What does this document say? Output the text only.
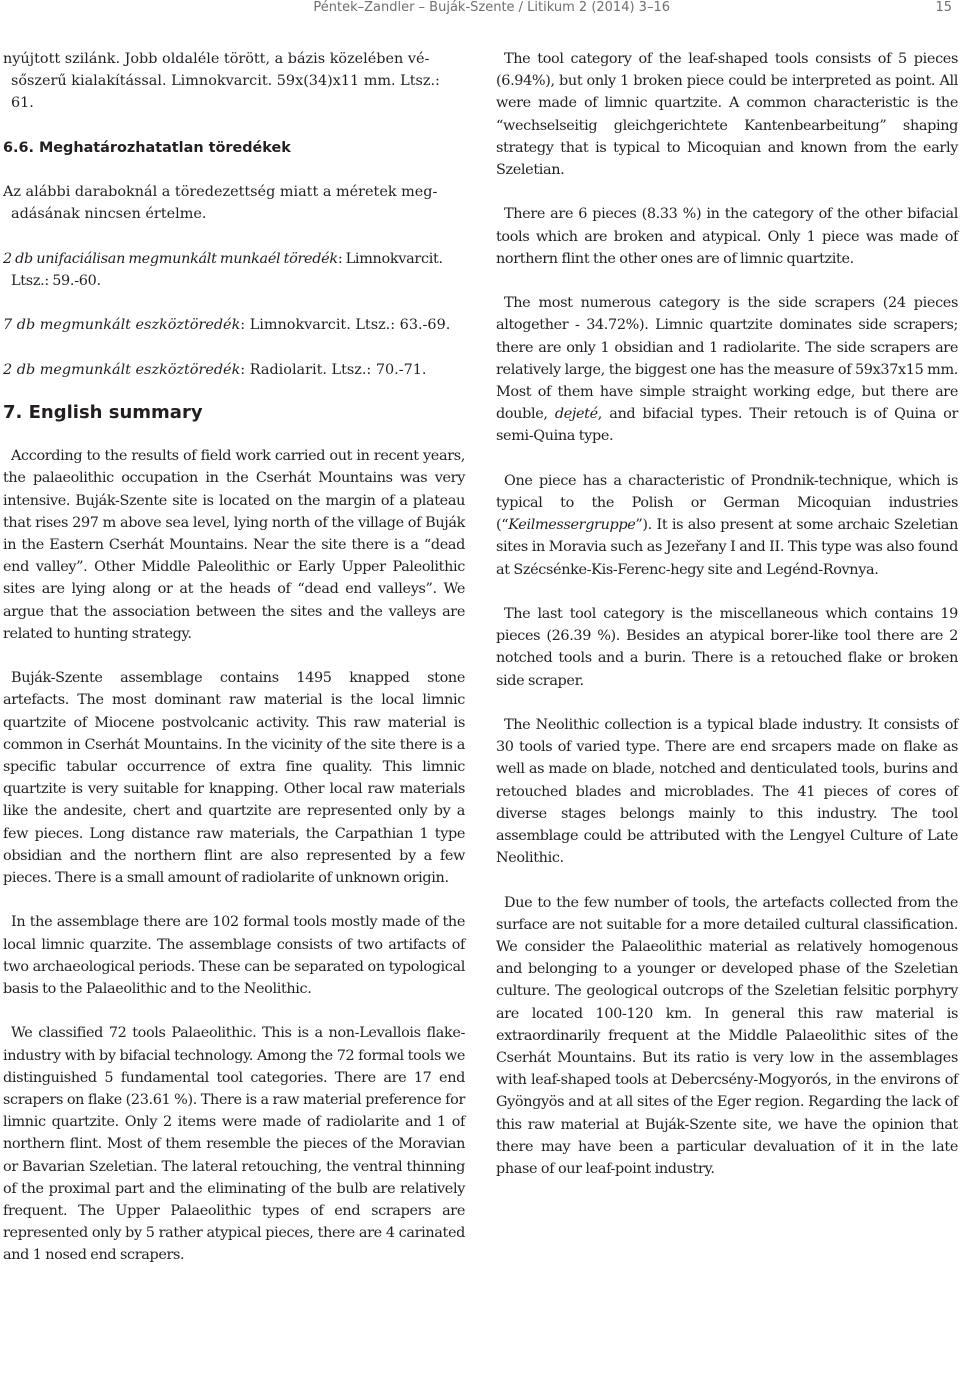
Péntek–Zandler – Buják-Szente / Litikum 2 (2014) 3–16	15

nyújtott szilánk. Jobb oldaléle törött, a bázis közelében vé-sőszerű kialakítással. Limnokvarcit. 59x(34)x11 mm. Ltsz.: 61.

6.6. Meghatározhatatlan töredékek

Az alábbi daraboknál a töredezettség miatt a méretek meg-adásának nincsen értelme.

2 db unifaciálisan megmunkált munkaél töredék: Limnokvarcit. Ltsz.: 59.-60.

7 db megmunkált eszköztöredék: Limnokvarcit. Ltsz.: 63.-69.

2 db megmunkált eszköztöredék: Radiolarit. Ltsz.: 70.-71.

7. English summary

According to the results of field work carried out in recent years, the palaeolithic occupation in the Cserhát Mountains was very intensive. Buják-Szente site is located on the margin of a plateau that rises 297 m above sea level, lying north of the village of Buják in the Eastern Cserhát Mountains. Near the site there is a “dead end valley”. Other Middle Paleolithic or Early Upper Paleolithic sites are lying along or at the heads of “dead end valleys”. We argue that the association between the sites and the valleys are related to hunting strategy.

Buják-Szente assemblage contains 1495 knapped stone artefacts. The most dominant raw material is the local limnic quartzite of Miocene postvolcanic activity. This raw material is common in Cserhát Mountains. In the vicinity of the site there is a specific tabular occurrence of extra fine quality. This limnic quartzite is very suitable for knapping. Other local raw materials like the andesite, chert and quartzite are represented only by a few pieces. Long distance raw materials, the Carpathian 1 type obsidian and the northern flint are also represented by a few pieces. There is a small amount of radiolarite of unknown origin.

In the assemblage there are 102 formal tools mostly made of the local limnic quarzite. The assemblage consists of two artifacts of two archaeological periods. These can be separated on typological basis to the Palaeolithic and to the Neolithic.

We classified 72 tools Palaeolithic. This is a non-Levallois flake-industry with by bifacial technology. Among the 72 formal tools we distinguished 5 fundamental tool categories. There are 17 end scrapers on flake (23.61 %). There is a raw material preference for limnic quartzite. Only 2 items were made of radiolarite and 1 of northern flint. Most of them resemble the pieces of the Moravian or Bavarian Szeletian. The lateral retouching, the ventral thinning of the proximal part and the eliminating of the bulb are relatively frequent. The Upper Palaeolithic types of end scrapers are represented only by 5 rather atypical pieces, there are 4 carinated and 1 nosed end scrapers.

The tool category of the leaf-shaped tools consists of 5 pieces (6.94%), but only 1 broken piece could be interpreted as point. All were made of limnic quartzite. A common characteristic is the “wechselseitig gleichgerichtete Kantenbearbeitung” shaping strategy that is typical to Micoquian and known from the early Szeletian.

There are 6 pieces (8.33 %) in the category of the other bifacial tools which are broken and atypical. Only 1 piece was made of northern flint the other ones are of limnic quartzite.

The most numerous category is the side scrapers (24 pieces altogether - 34.72%). Limnic quartzite dominates side scrapers; there are only 1 obsidian and 1 radiolarite. The side scrapers are relatively large, the biggest one has the measure of 59x37x15 mm. Most of them have simple straight working edge, but there are double, dejeté, and bifacial types. Their retouch is of Quina or semi-Quina type.

One piece has a characteristic of Prondnik-technique, which is typical to the Polish or German Micoquian industries (“Keilmessergruppe”). It is also present at some archaic Szeletian sites in Moravia such as Jezeřany I and II. This type was also found at Szécsénke-Kis-Ferenc-hegy site and Legénd-Rovnya.

The last tool category is the miscellaneous which contains 19 pieces (26.39 %). Besides an atypical borer-like tool there are 2 notched tools and a burin. There is a retouched flake or broken side scraper.

The Neolithic collection is a typical blade industry. It consists of 30 tools of varied type. There are end srcapers made on flake as well as made on blade, notched and denticulated tools, burins and retouched blades and microblades. The 41 pieces of cores of diverse stages belongs mainly to this industry. The tool assemblage could be attributed with the Lengyel Culture of Late Neolithic.

Due to the few number of tools, the artefacts collected from the surface are not suitable for a more detailed cultural classification. We consider the Palaeolithic material as relatively homogenous and belonging to a younger or developed phase of the Szeletian culture. The geological outcrops of the Szeletian felsitic porphyry are located 100-120 km. In general this raw material is extraordinarily frequent at the Middle Palaeolithic sites of the Cserhát Mountains. But its ratio is very low in the assemblages with leaf-shaped tools at Debercsény-Mogyorós, in the environs of Gyöngyös and at all sites of the Eger region. Regarding the lack of this raw material at Buják-Szente site, we have the opinion that there may have been a particular devaluation of it in the late phase of our leaf-point industry.
